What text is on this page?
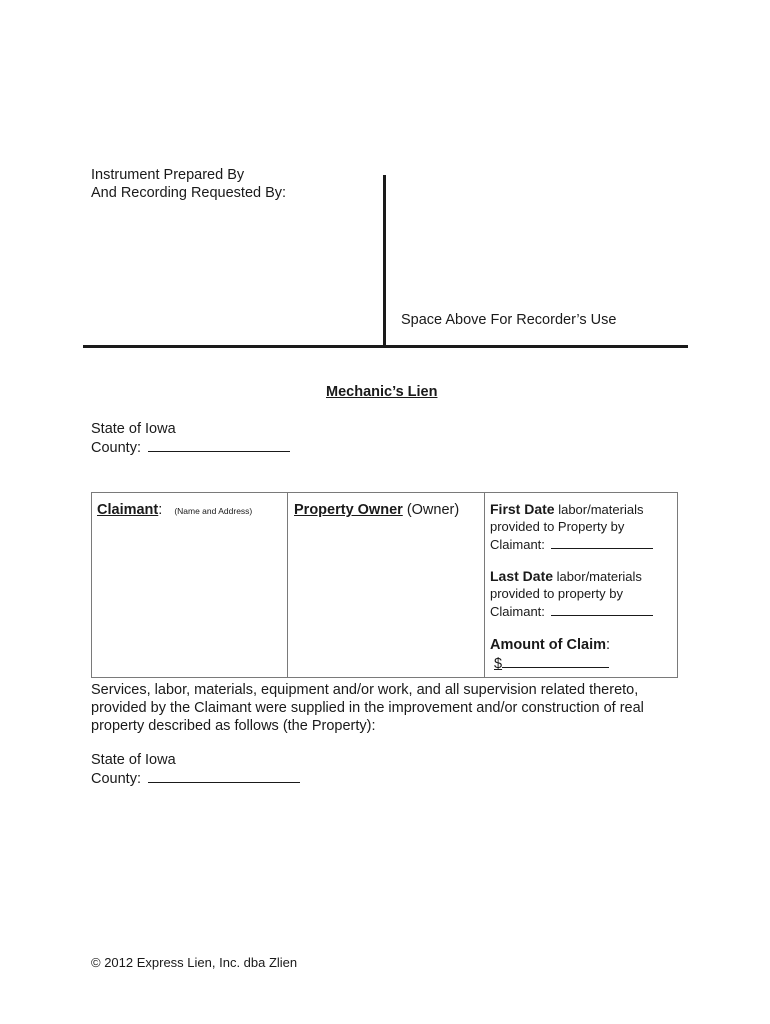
Instrument Prepared By
And Recording Requested By:
Space Above For Recorder’s Use
Mechanic’s Lien
State of Iowa
County:
Claimant: (Name and Address)	Property Owner (Owner) First Date labor/materials
provided to Property by
Claimant:
Last Date labor/materials
provided to property by
Claimant:
Amount of Claim:
$
Services, labor, materials, equipment and/or work, and all supervision related thereto,
provided by the Claimant were supplied in the improvement and/or construction of real
property described as follows (the Property):
State of Iowa
County:
© 2012 Express Lien, Inc. dba Zlien
